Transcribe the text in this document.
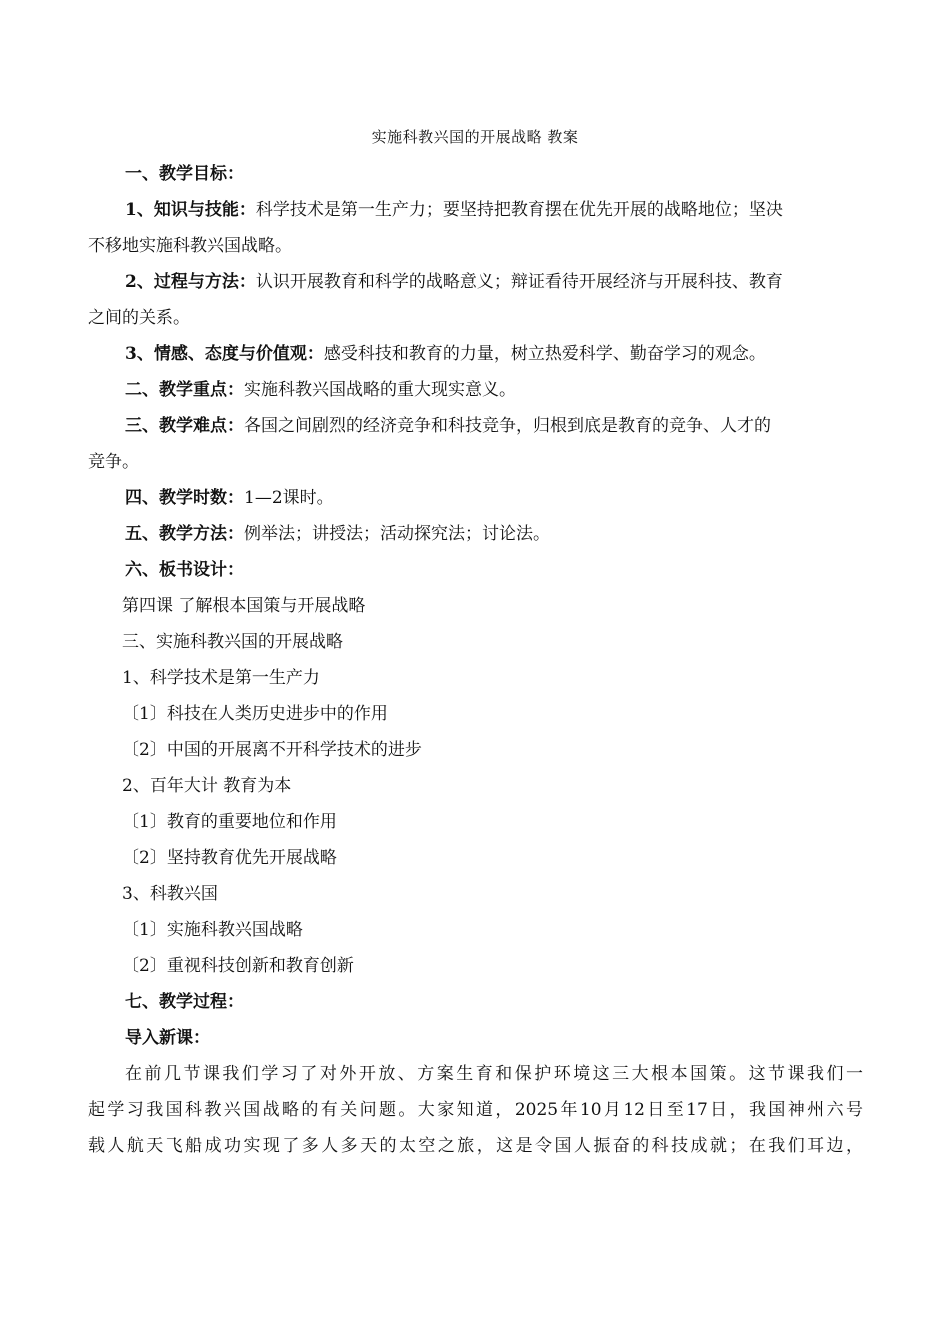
实施科教兴国的开展战略 教案
一、教学目标：
1、知识与技能：科学技术是第一生产力；要坚持把教育摆在优先开展的战略地位；坚决
不移地实施科教兴国战略。
2、过程与方法：认识开展教育和科学的战略意义；辩证看待开展经济与开展科技、教育
之间的关系。
3、情感、态度与价值观：感受科技和教育的力量，树立热爱科学、勤奋学习的观念。
二、教学重点：实施科教兴国战略的重大现实意义。
三、教学难点：各国之间剧烈的经济竞争和科技竞争，归根到底是教育的竞争、人才的
竞争。
四、教学时数：1—2课时。
五、教学方法：例举法；讲授法；活动探究法；讨论法。
六、板书设计：
第四课 了解根本国策与开展战略
三、实施科教兴国的开展战略
1、科学技术是第一生产力
〔1〕科技在人类历史进步中的作用
〔2〕中国的开展离不开科学技术的进步
2、百年大计 教育为本
〔1〕教育的重要地位和作用
〔2〕坚持教育优先开展战略
3、科教兴国
〔1〕实施科教兴国战略
〔2〕重视科技创新和教育创新
七、教学过程：
导入新课：
在前几节课我们学习了对外开放、方案生育和保护环境这三大根本国策。这节课我们一
起学习我国科教兴国战略的有关问题。大家知道，2025年10月12日至17日，我国神州六号
载人航天飞船成功实现了多人多天的太空之旅，这是令国人振奋的科技成就；在我们耳边，
